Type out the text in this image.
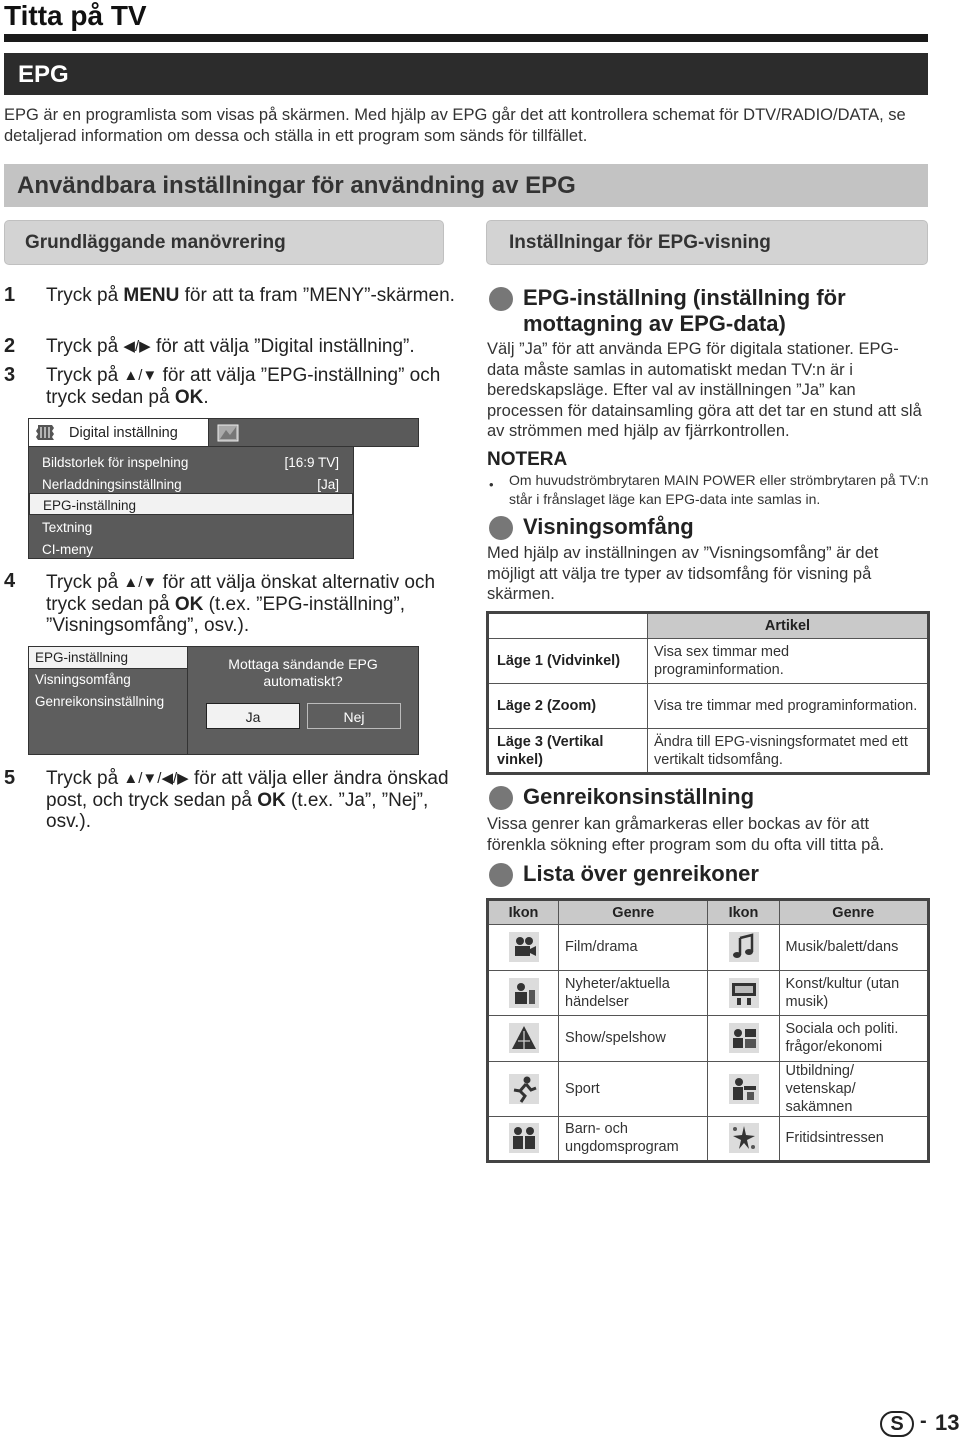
Titta på TV
EPG
EPG är en programlista som visas på skärmen. Med hjälp av EPG går det att kontrollera schemat för DTV/RADIO/DATA, se detaljerad information om dessa och ställa in ett program som sänds för tillfället.
Användbara inställningar för användning av EPG
Grundläggande manövrering	Inställningar för EPG-visning
1 Tryck på MENU för att ta fram ”MENY”-skärmen.
2 Tryck på ◀/▶ för att välja ”Digital inställning”.
3 Tryck på ▲/▼ för att välja ”EPG-inställning” och tryck sedan på OK.
Digital inställning
Bildstorlek för inspelning	[16:9 TV]
Nerladdningsinställning	[Ja]
EPG-inställning
Textning
CI-meny
4 Tryck på ▲/▼ för att välja önskat alternativ och tryck sedan på OK (t.ex. ”EPG-inställning”, ”Visningsomfång”, osv.).
EPG-inställning
Visningsomfång
Genreikonsinställning
Mottaga sändande EPG automatiskt?
Ja	Nej
5 Tryck på ▲/▼/◀/▶ för att välja eller ändra önskad post, och tryck sedan på OK (t.ex. ”Ja”, ”Nej”, osv.).
EPG-inställning (inställning för mottagning av EPG-data)
Välj ”Ja” för att använda EPG för digitala stationer. EPG-data måste samlas in automatiskt medan TV:n är i beredskapsläge. Efter val av inställningen ”Ja” kan processen för datainsamling göra att det tar en stund att slå av strömmen med hjälp av fjärrkontrollen.
NOTERA
• Om huvudströmbrytaren MAIN POWER eller strömbrytaren på TV:n står i frånslaget läge kan EPG-data inte samlas in.
Visningsomfång
Med hjälp av inställningen av ”Visningsomfång” är det möjligt att välja tre typer av tidsomfång för visning på skärmen.
	Artikel
Läge 1 (Vidvinkel)	Visa sex timmar med programinformation.
Läge 2 (Zoom)	Visa tre timmar med programinformation.
Läge 3 (Vertikal vinkel)	Ändra till EPG-visningsformatet med ett vertikalt tidsomfång.
Genreikonsinställning
Vissa genrer kan gråmarkeras eller bockas av för att förenkla sökning efter program som du ofta vill titta på.
Lista över genreikoner
Ikon	Genre	Ikon	Genre
	Film/drama		Musik/balett/dans
	Nyheter/aktuella händelser		Konst/kultur (utan musik)
	Show/spelshow		Sociala och politi. frågor/ekonomi
	Sport		Utbildning/ vetenskap/ sakämnen
	Barn- och ungdomsprogram		Fritidsintressen
S - 13
